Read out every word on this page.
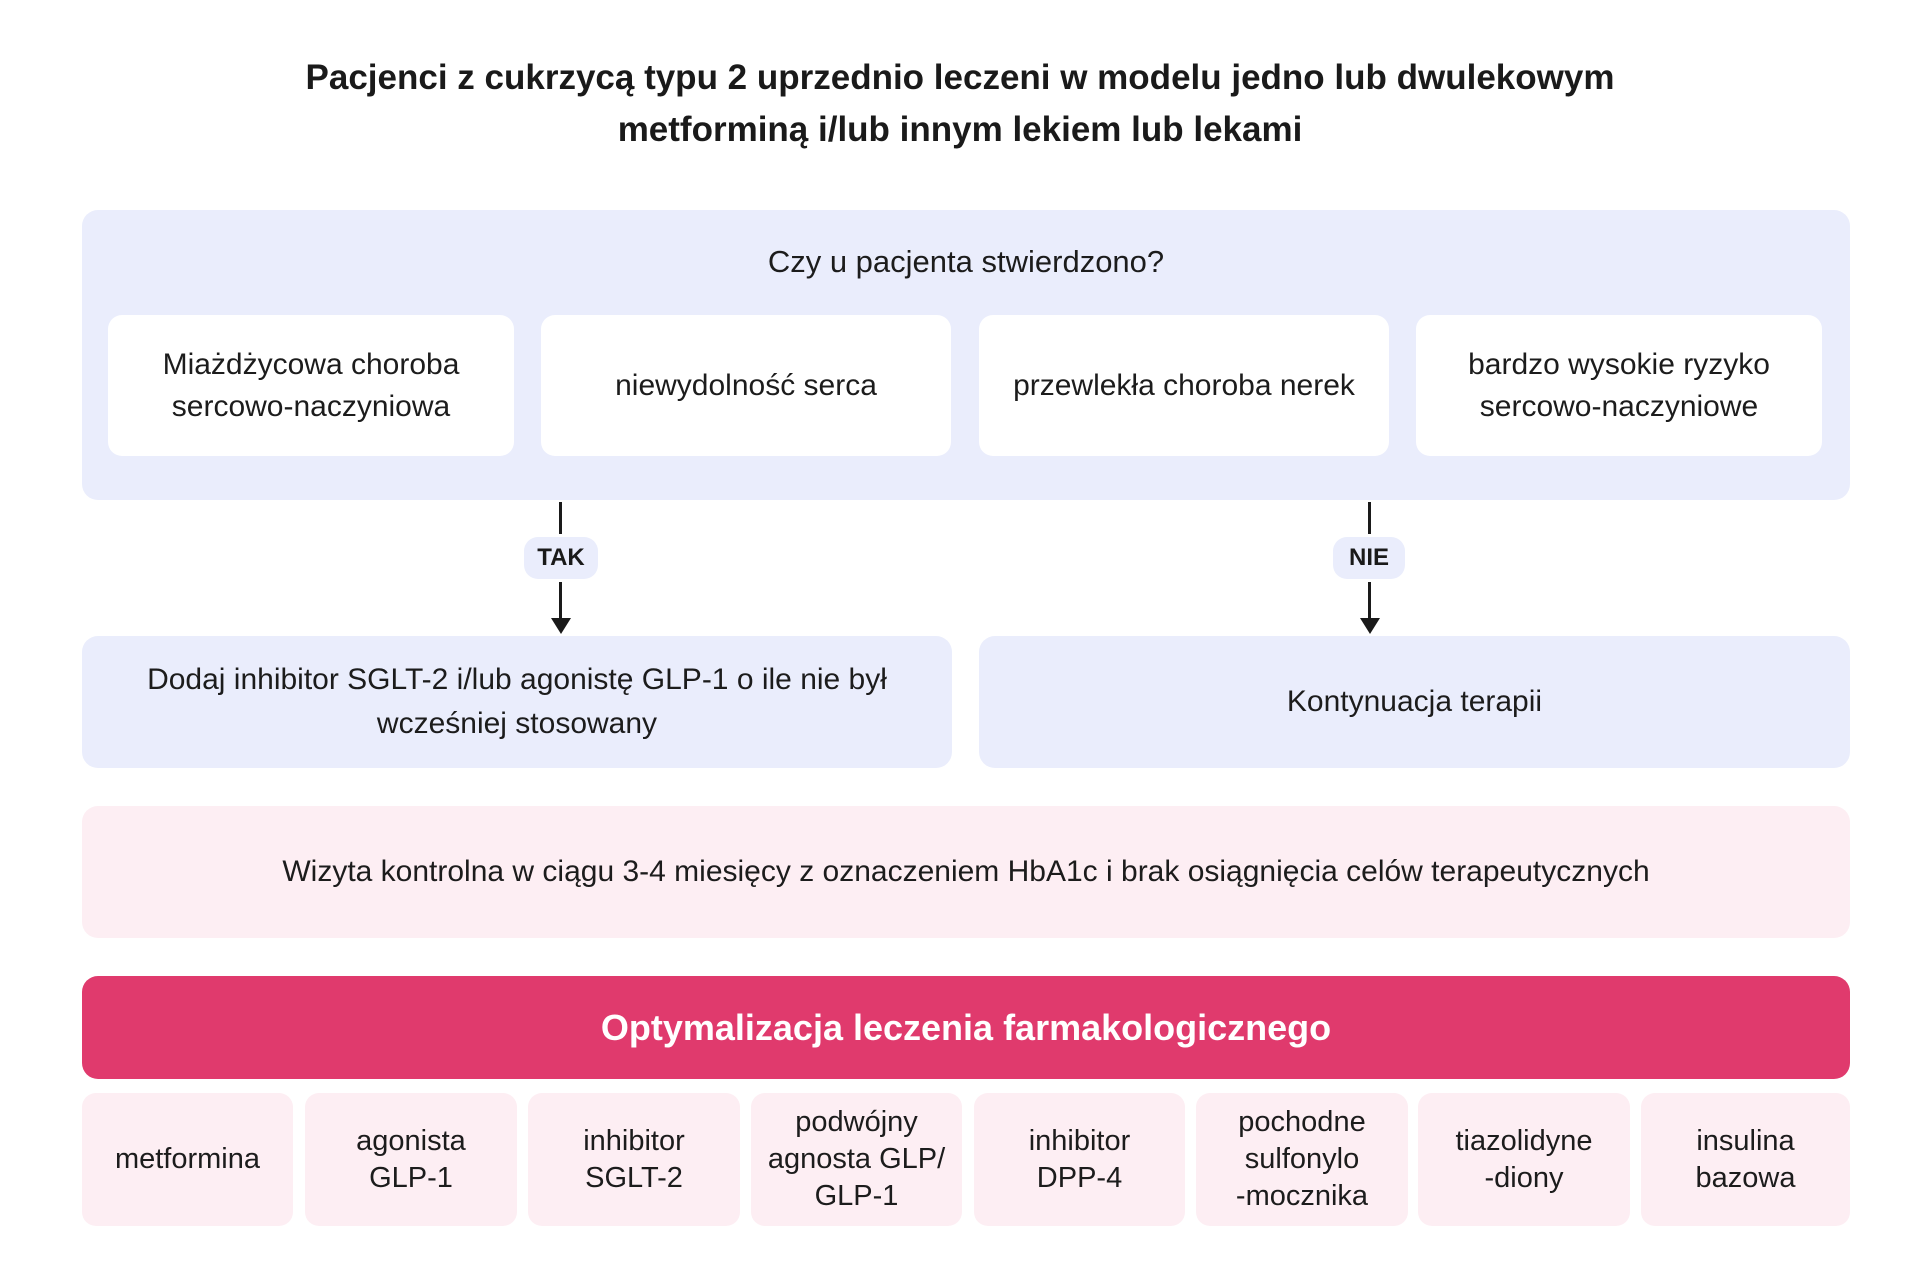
Pacjenci z cukrzycą typu 2 uprzednio leczeni w modelu jedno lub dwulekowym
metforminą i/lub innym lekiem lub lekami
Czy u pacjenta stwierdzono?
Miażdżycowa choroba
sercowo-naczyniowa
niewydolność serca	przewlekła choroba nerek
bardzo wysokie ryzyko
sercowo-naczyniowe
TAK	NIE
Dodaj inhibitor SGLT-2 i/lub agonistę GLP-1 o ile nie był
wcześniej stosowany
Kontynuacja terapii
Wizyta kontrolna w ciągu 3-4 miesięcy z oznaczeniem HbA1c i brak osiągnięcia celów terapeutycznych
Optymalizacja leczenia farmakologicznego
metformina
agonista
GLP-1
inhibitor
SGLT-2
podwójny
agnosta GLP/
GLP-1
inhibitor
DPP-4
pochodne
sulfonylo
-mocznika
tiazolidyne
-diony
insulina
bazowa
